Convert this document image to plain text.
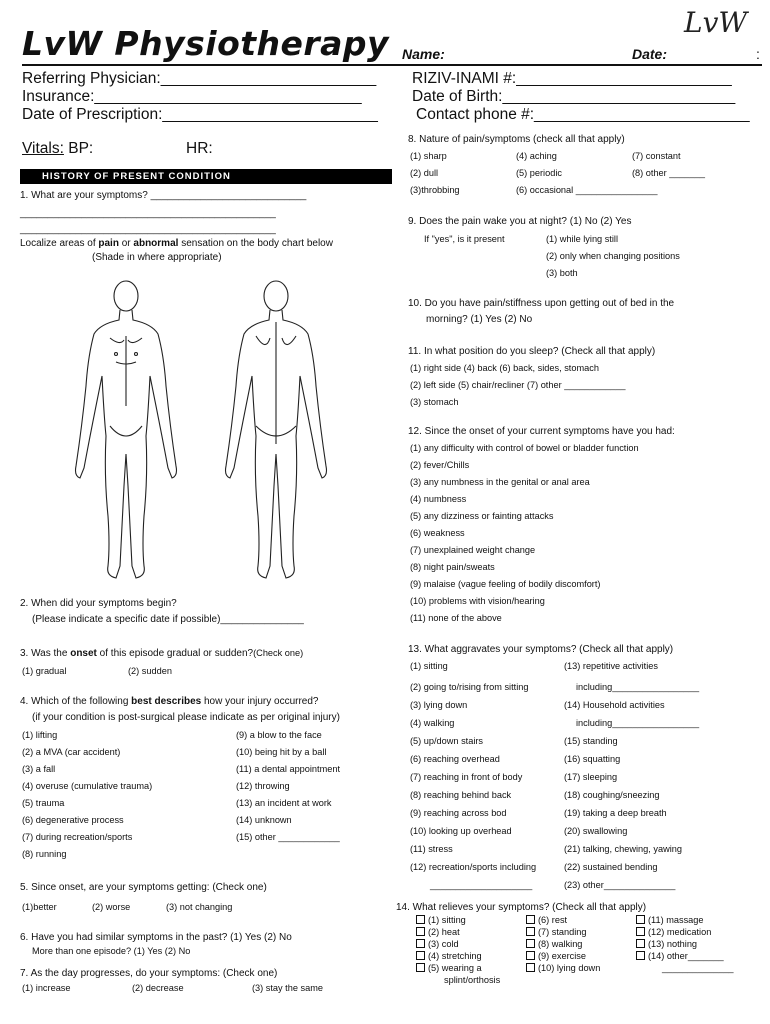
LvW Physiotherapy
LvW
Name:	Date:	:
Referring Physician:_________________________
Insurance:_______________________________
Date of Prescription:_________________________
RIZIV-INAMI #:_________________________
Date of Birth:___________________________
Contact phone #:_________________________
Vitals: BP:	HR:
HISTORY OF PRESENT CONDITION
1. What are your symptoms? ____________________________
______________________________________________
______________________________________________
Localize areas of pain or abnormal sensation on the body chart below
(Shade in where appropriate)
2. When did your symptoms begin?
(Please indicate a specific date if possible)_______________
3. Was the onset of this episode gradual or sudden?(Check one)
(1) gradual	(2) sudden
4. Which of the following best describes how your injury occurred?
(if your condition is post-surgical please indicate as per original injury)
(1) lifting
(2) a MVA (car accident)
(3) a fall
(4) overuse (cumulative trauma)
(5) trauma
(6) degenerative process
(7) during recreation/sports
(8) running
(9) a blow to the face
(10) being hit by a ball
(11) a dental appointment
(12) throwing
(13) an incident at work
(14) unknown
(15) other ____________
5. Since onset, are your symptoms getting: (Check one)
(1)better	(2) worse	(3) not changing
6. Have you had similar symptoms in the past? (1) Yes (2) No
More than one episode? (1) Yes (2) No
7. As the day progresses, do your symptoms: (Check one)
(1) increase	(2) decrease	(3) stay the same
8. Nature of pain/symptoms (check all that apply)
(1) sharp
(2) dull
(3)throbbing
(4) aching
(5) periodic
(6) occasional ________________
(7) constant
(8) other _______
9. Does the pain wake you at night? (1) No (2) Yes
If "yes", is it present	(1) while lying still
(2) only when changing positions
(3) both
10. Do you have pain/stiffness upon getting out of bed in the
morning? (1) Yes (2) No
11. In what position do you sleep? (Check all that apply)
(1) right side (4) back (6) back, sides, stomach
(2) left side (5) chair/recliner (7) other ____________
(3) stomach
12. Since the onset of your current symptoms have you had:
(1) any difficulty with control of bowel or bladder function
(2) fever/Chills
(3) any numbness in the genital or anal area
(4) numbness
(5) any dizziness or fainting attacks
(6) weakness
(7) unexplained weight change
(8) night pain/sweats
(9) malaise (vague feeling of bodily discomfort)
(10) problems with vision/hearing
(11) none of the above
13. What aggravates your symptoms? (Check all that apply)
(1) sitting
(2) going to/rising from sitting
(3) lying down
(4) walking
(5) up/down stairs
(6) reaching overhead
(7) reaching in front of body
(8) reaching behind back
(9) reaching across bod
(10) looking up overhead
(11) stress
(12) recreation/sports including
____________________
(13) repetitive activities
including_________________
(14) Household activities
including_________________
(15) standing
(16) squatting
(17) sleeping
(18) coughing/sneezing
(19) taking a deep breath
(20) swallowing
(21) talking, chewing, yawing
(22) sustained bending
(23) other______________
14. What relieves your symptoms? (Check all that apply)
(1) sitting
(2) heat
(3) cold
(4) stretching
(5) wearing a
splint/orthosis
(6) rest
(7) standing
(8) walking
(9) exercise
(10) lying down
(11) massage
(12) medication
(13) nothing
(14) other_______
______________
